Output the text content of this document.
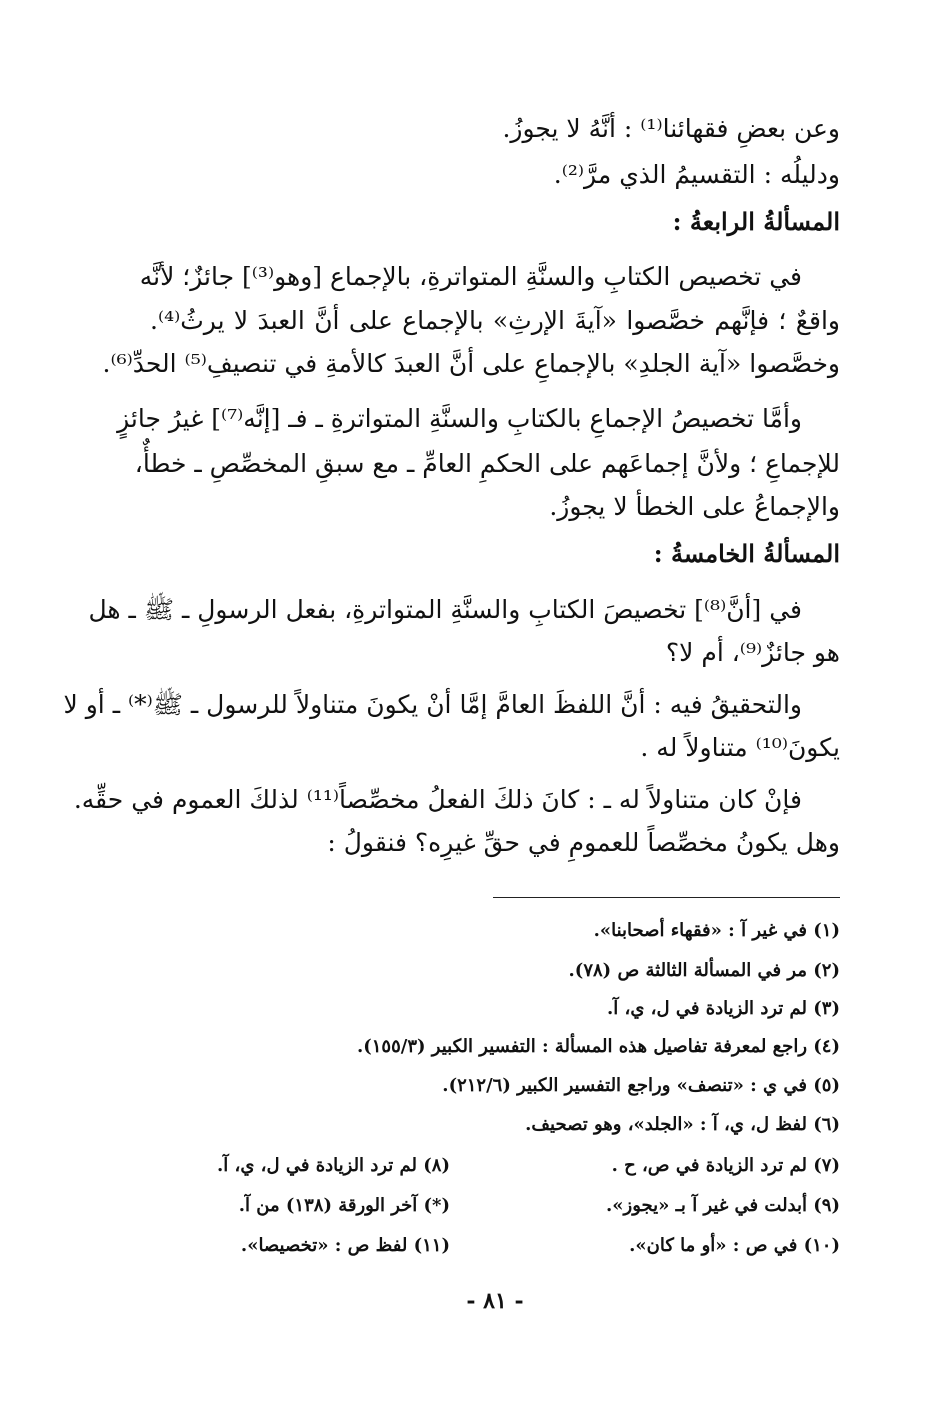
وعن بعضِ فقهائنا⁽¹⁾ : أنَّهُ لا يجوزُ.
ودليلُه : التقسيمُ الذي مرَّ⁽²⁾.
المسألةُ الرابعةُ :
في تخصيص الكتابِ والسنَّةِ المتواترةِ، بالإجماع [وهو⁽³⁾] جائزٌ؛ لأنَّه
واقعٌ ؛ فإنَّهم خصَّصوا «آيةَ الإرثِ» بالإجماع على أنَّ العبدَ لا يرثُ⁽⁴⁾.
وخصَّصوا «آية الجلدِ» بالإجماعِ على أنَّ العبدَ كالأمةِ في تنصيفِ⁽⁵⁾ الحدِّ⁽⁶⁾.
وأمَّا تخصيصُ الإجماعِ بالكتابِ والسنَّةِ المتواترةِ ـ فـ [إنَّه⁽⁷⁾] غيرُ جائزٍ
للإجماعِ ؛ ولأنَّ إجماعَهم على الحكمِ العامِّ ـ مع سبقِ المخصِّصِ ـ خطأٌ،
والإجماعُ على الخطأ لا يجوزُ.
المسألةُ الخامسةُ :
في [أنَّ⁽⁸⁾] تخصيصَ الكتابِ والسنَّةِ المتواترةِ، بفعل الرسولِ ـ ﷺ ـ هل
هو جائزٌ⁽⁹⁾، أم لا؟
والتحقيقُ فيه : أنَّ اللفظَ العامَّ إمَّا أنْ يكونَ متناولاً للرسول ـ ﷺ⁽*⁾ ـ أو لا
يكونَ⁽¹⁰⁾ متناولاً له .
فإنْ كان متناولاً له ـ : كانَ ذلكَ الفعلُ مخصِّصاً⁽¹¹⁾ لذلكَ العموم في حقِّه.
وهل يكونُ مخصِّصاً للعمومِ في حقِّ غيرِه؟ فنقولُ :
(١) في غير آ : «فقهاء أصحابنا».
(٢) مر في المسألة الثالثة ص (٧٨).
(٣) لم ترد الزيادة في ل، ي، آ.
(٤) راجع لمعرفة تفاصيل هذه المسألة : التفسير الكبير (١٥٥/٣).
(٥) في ي : «تنصف» وراجع التفسير الكبير (٢١٢/٦).
(٦) لفظ ل، ي، آ : «الجلد»، وهو تصحيف.
(٧) لم ترد الزيادة في ص، ح .
(٨) لم ترد الزيادة في ل، ي، آ.
(٩) أبدلت في غير آ بـ «يجوز».
(*) آخر الورقة (١٣٨) من آ.
(١٠) في ص : «أو ما كان».
(١١) لفظ ص : «تخصيصا».
- ٨١ -
